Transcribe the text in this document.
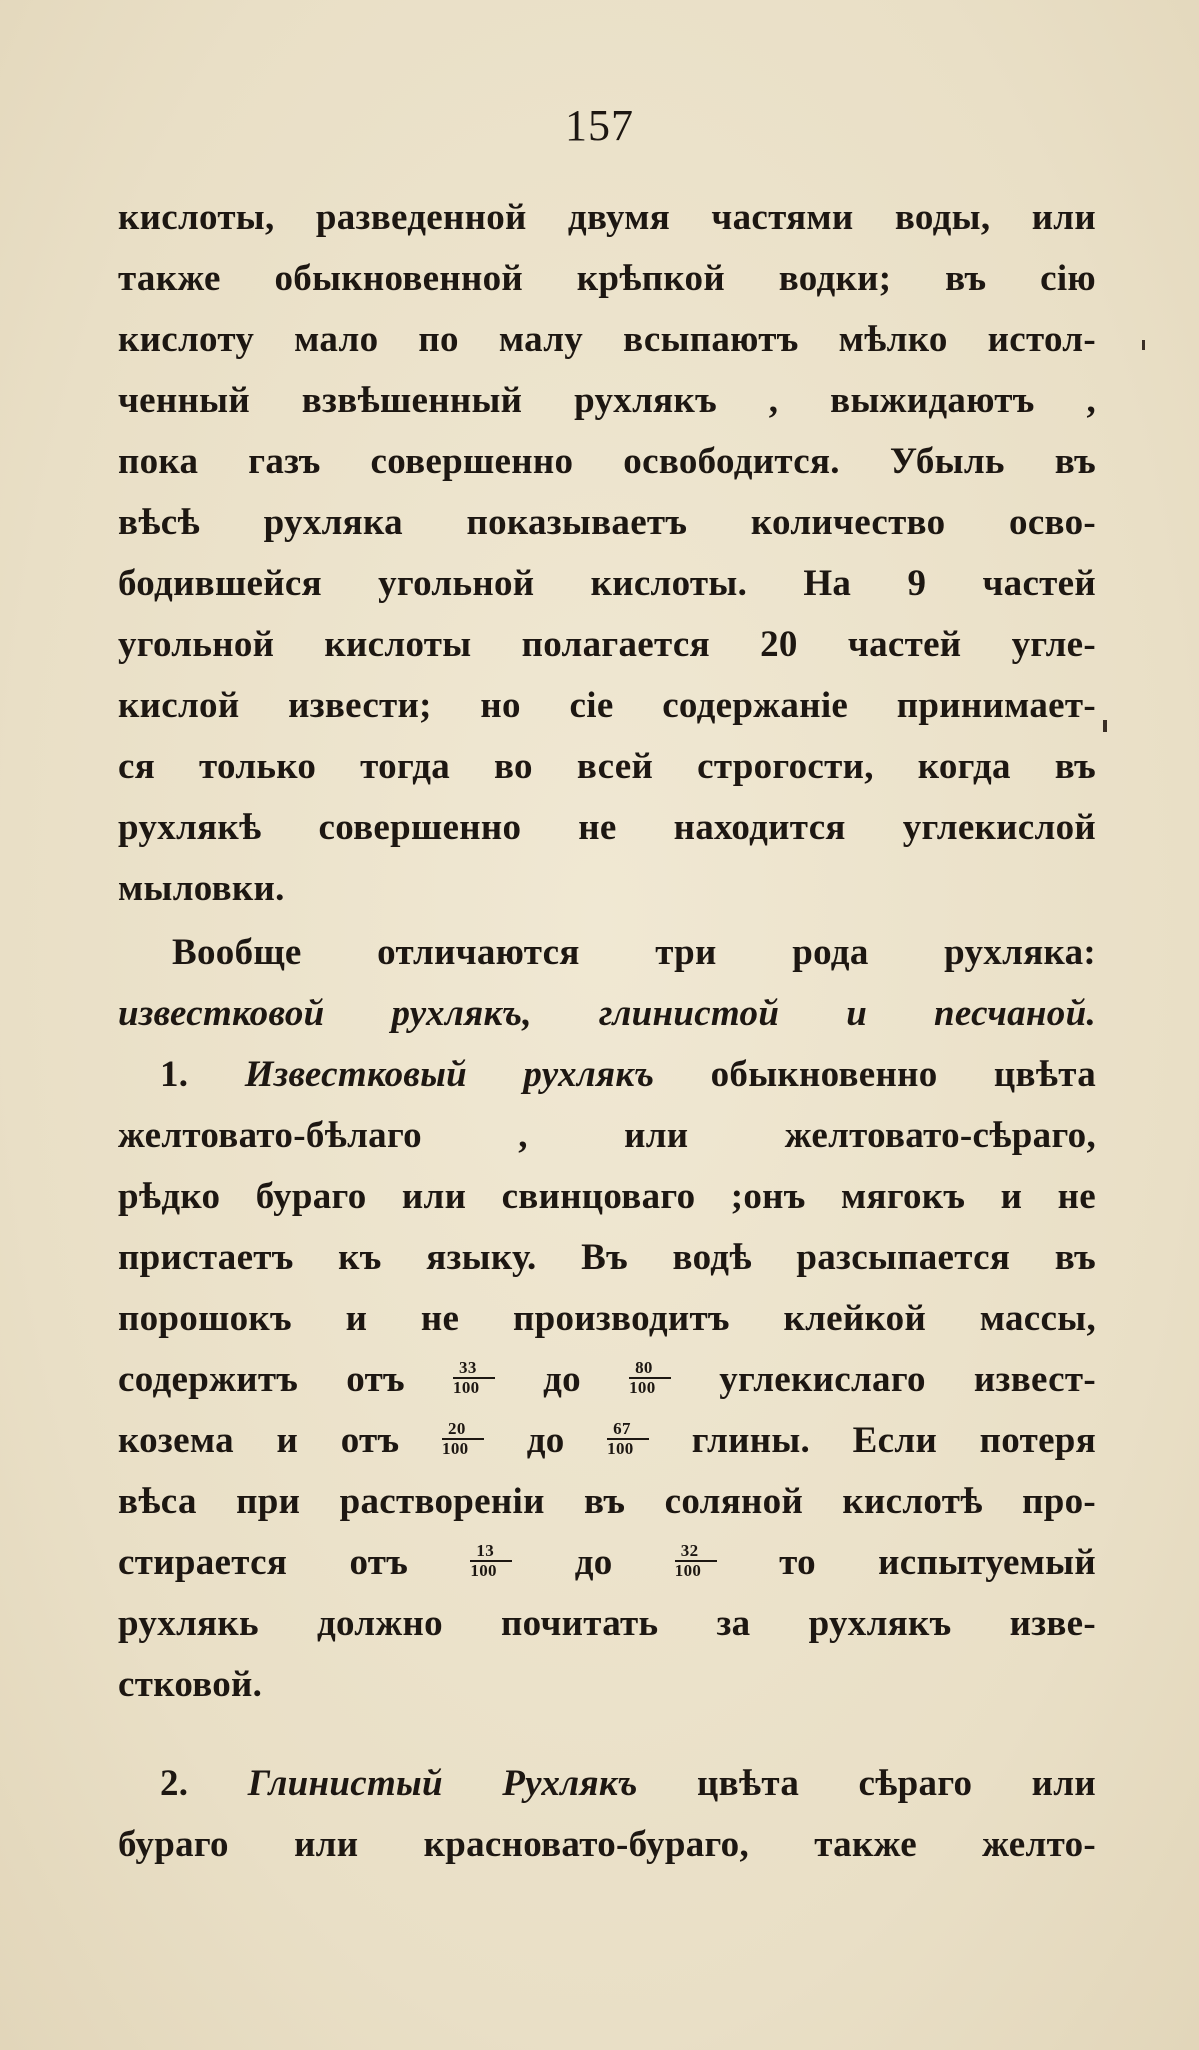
157
кислоты, разведенной двумя частями воды, или
также обыкновенной крѣпкой водки; въ сію
кислоту мало по малу всыпаютъ мѣлко истол-
ченный взвѣшенный рухлякъ , выжидаютъ ,
пока газъ совершенно освободится. Убыль въ
вѣсѣ рухляка показываетъ количество осво-
бодившейся угольной кислоты. На 9 частей
угольной кислоты полагается 20 частей угле-
кислой извести; но сіе содержаніе принимает-
ся только тогда во всей строгости, когда въ
рухлякѣ совершенно не находится углекислой
мыловки.
Вообще отличаются три рода рухляка:
известковой рухлякъ, глинистой и песчаной.
1. Известковый рухлякъ обыкновенно цвѣта
желтовато-бѣлаго , или желтовато-сѣраго,
рѣдко бураго или свинцоваго ;онъ мягокъ и не
пристаетъ къ языку. Въ водѣ разсыпается въ
порошокъ и не производитъ клейкой массы,
содержитъ отъ	$\frac{33}{100}$ до	$\frac{80}{100}$ углекислаго извест-
козема и отъ	$\frac{20}{100}$ до	$\frac{67}{100}$ глины. Если потеря
вѣса при раствореніи въ соляной кислотѣ про-
стирается отъ	$\frac{13}{100}$ до	$\frac{32}{100}$ то испытуемый
рухлякь должно почитать за рухлякъ изве-
стковой.
2. Глинистый Рухлякъ цвѣта сѣраго или
бураго или красновато-бураго, также желто-
